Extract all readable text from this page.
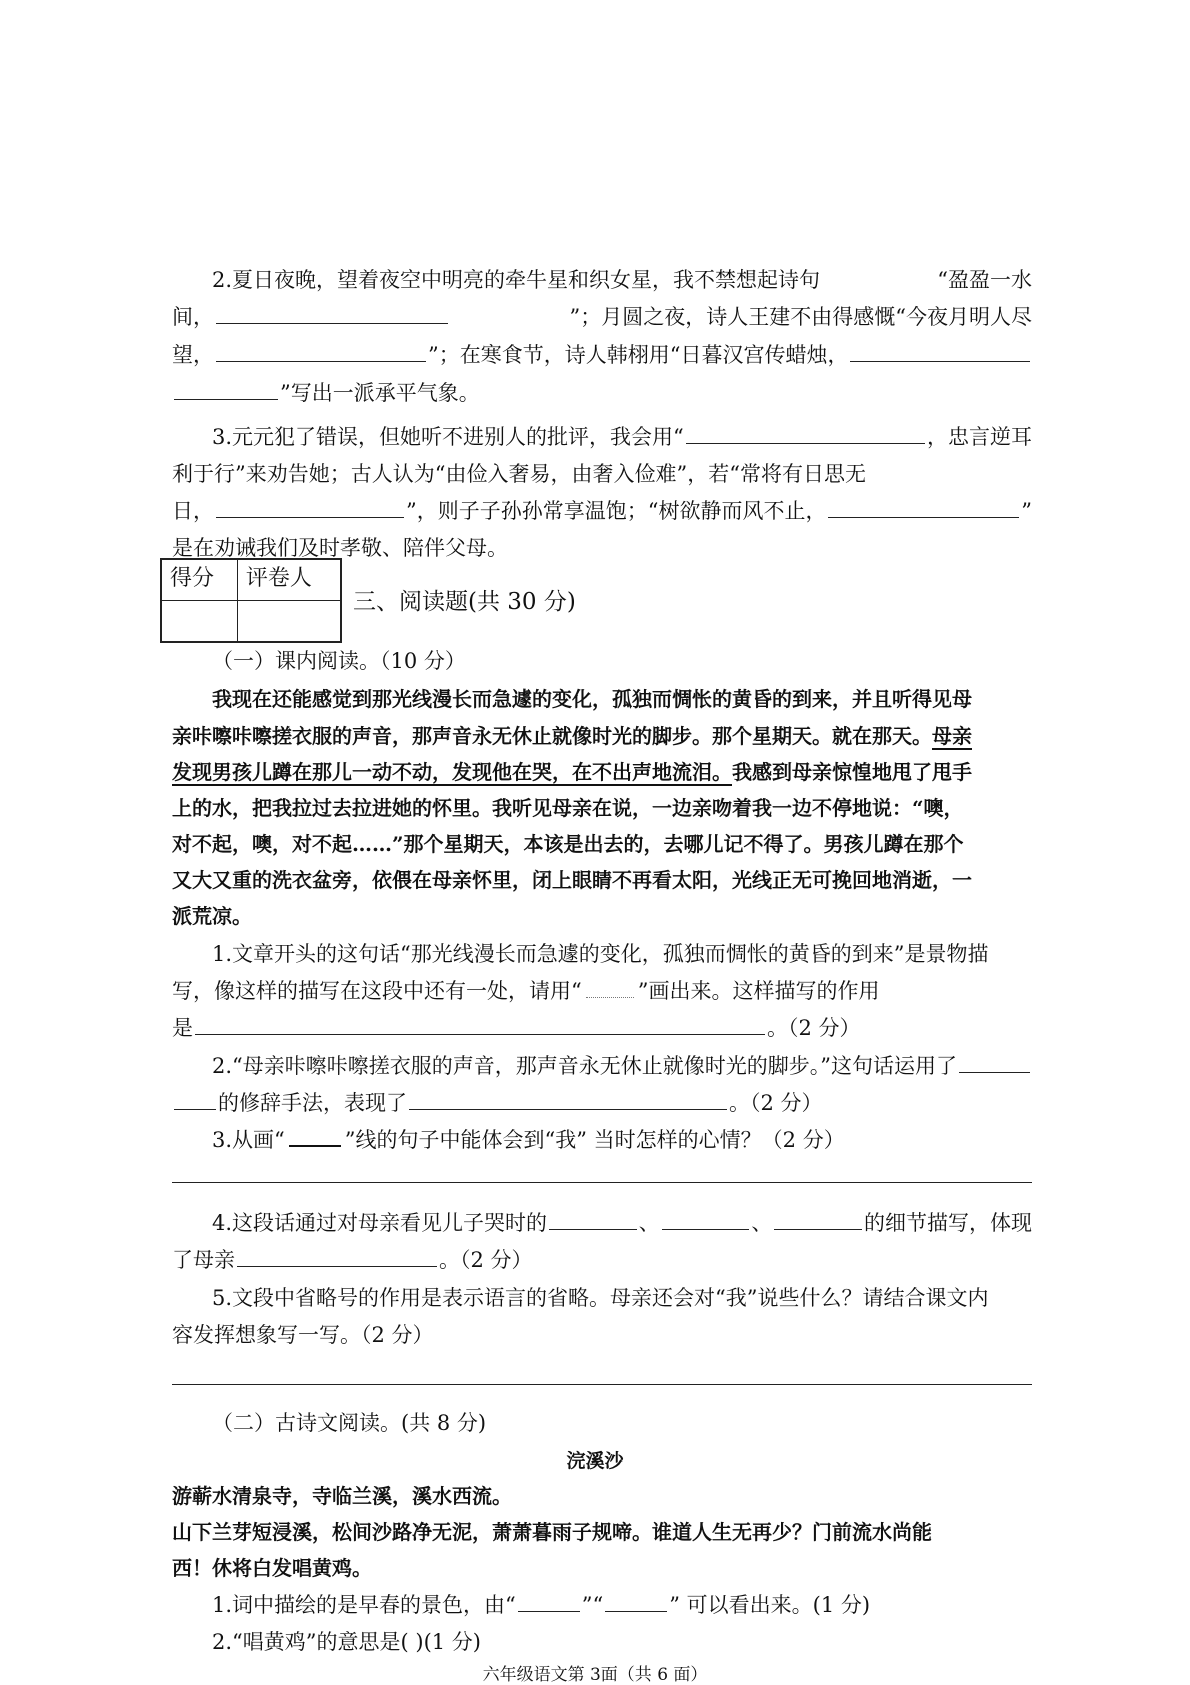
2.夏日夜晚，望着夜空中明亮的牵牛星和织女星，我不禁想起诗句	“盈盈一水
间，	”；月圆之夜，诗人王建不由得感慨“今夜月明人尽
望，	”；在寒食节，诗人韩栩用“日暮汉宫传蜡烛，
”写出一派承平气象。
3.元元犯了错误，但她听不进别人的批评，我会用“	，忠言逆耳
利于行”来劝告她；古人认为“由俭入奢易，由奢入俭难”，若“常将有日思无
日，	”，则子子孙孙常享温饱；“树欲静而风不止，	”
是在劝诫我们及时孝敬、陪伴父母。
得分	评卷人

三、阅读题(共 30 分)
（一）课内阅读。（10 分）
我现在还能感觉到那光线漫长而急遽的变化，孤独而惆怅的黄昏的到来，并且听得见母
亲咔嚓咔嚓搓衣服的声音，那声音永无休止就像时光的脚步。那个星期天。就在那天。 母亲
发现男孩儿蹲在那儿一动不动，发现他在哭，在不出声地流泪。 我感到母亲惊惶地甩了甩手
上的水，把我拉过去拉进她的怀里。我听见母亲在说，一边亲吻着我一边不停地说：“噢，
对不起，噢，对不起……”那个星期天，本该是出去的，去哪儿记不得了。男孩儿蹲在那个
又大又重的洗衣盆旁，依偎在母亲怀里，闭上眼睛不再看太阳，光线正无可挽回地消逝，一
派荒凉。
1.文章开头的这句话“那光线漫长而急遽的变化，孤独而惆怅的黄昏的到来”是景物描
写，像这样的描写在这段中还有一处，请用“	”画出来。这样描写的作用
是	。（2 分）
2.“母亲咔嚓咔嚓搓衣服的声音，那声音永无休止就像时光的脚步。”这句话运用了
的修辞手法，表现了	。（2 分）
3.从画“	”线的句子中能体会到“我” 当时怎样的心情？（2 分）
4.这段话通过对母亲看见儿子哭时的	、	、	的细节描写，体现
了母亲	。（2 分）
5.文段中省略号的作用是表示语言的省略。母亲还会对“我”说些什么？请结合课文内
容发挥想象写一写。（2 分）
（二）古诗文阅读。(共 8 分)
浣溪沙
游蕲水清泉寺，寺临兰溪，溪水西流。
山下兰芽短浸溪，松间沙路净无泥，萧萧暮雨子规啼。谁道人生无再少？门前流水尚能
西！休将白发唱黄鸡。
1.词中描绘的是早春的景色，由“	”“	” 可以看出来。(1 分)
2.“唱黄鸡”的意思是( )(1 分)
六年级语文第 3面（共 6 面）
